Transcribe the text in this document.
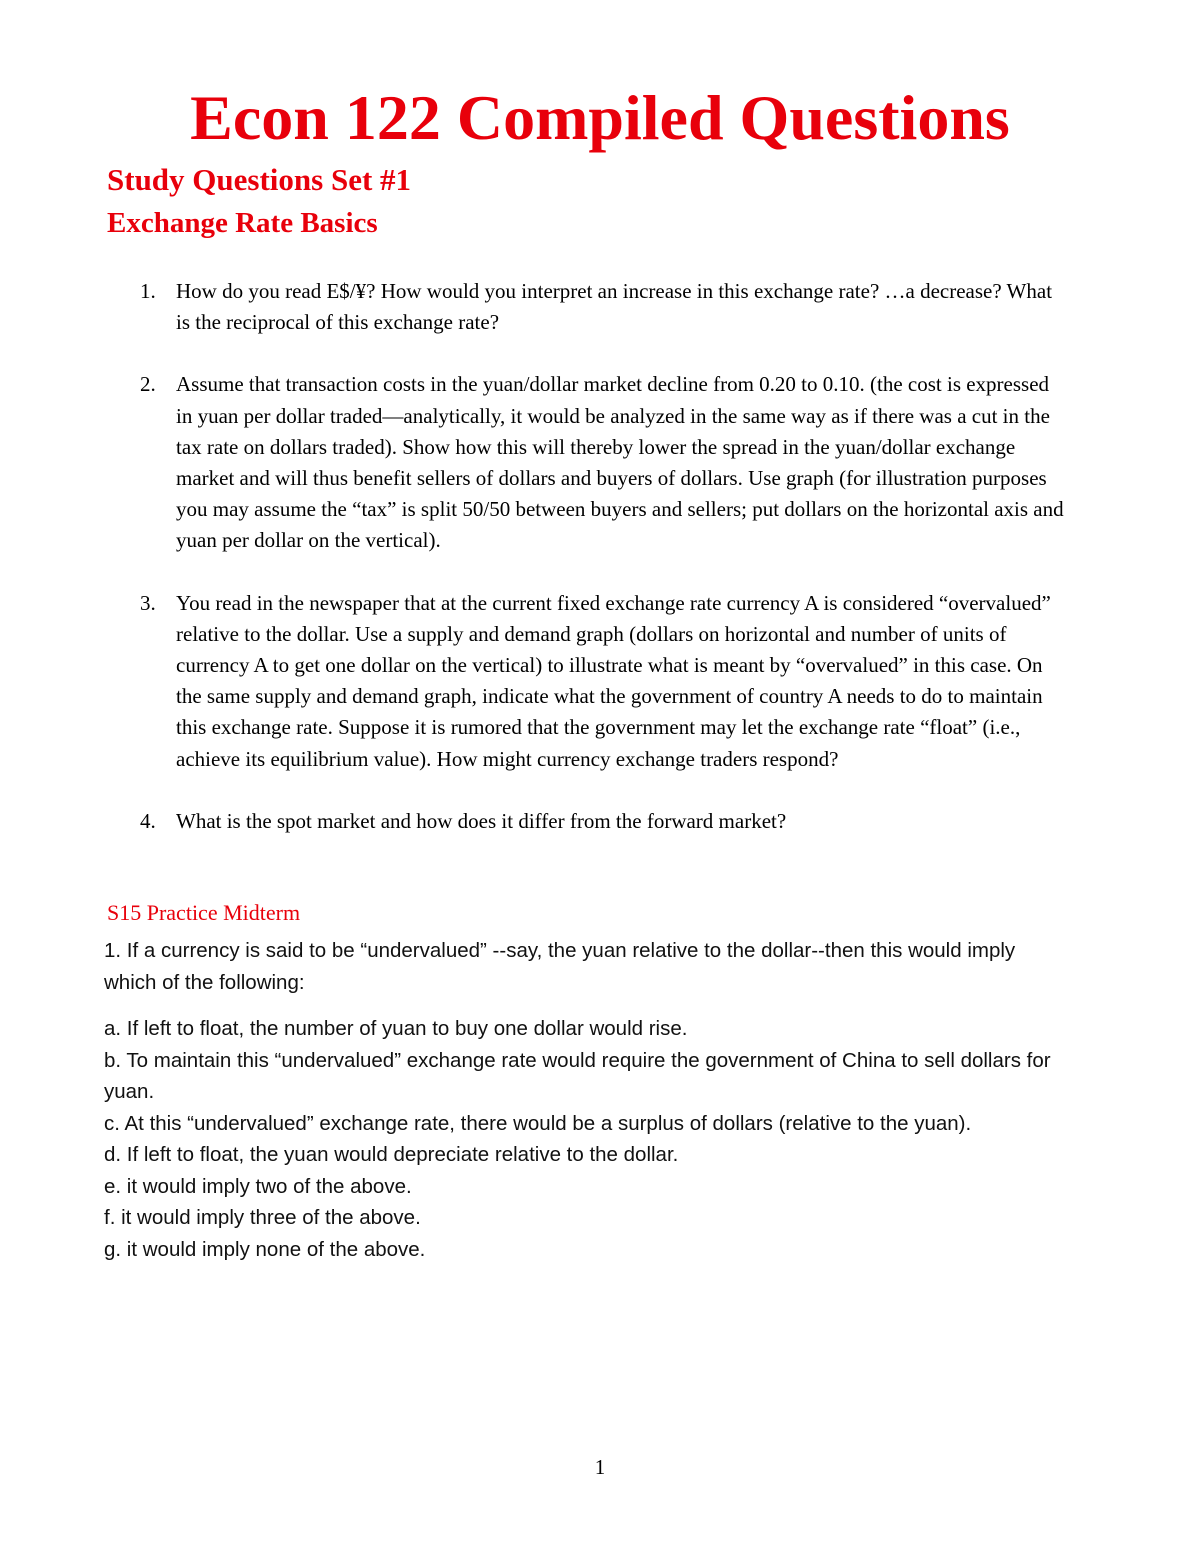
Econ 122 Compiled Questions
Study Questions Set #1
Exchange Rate Basics
1. How do you read E$/¥? How would you interpret an increase in this exchange rate? …a decrease? What is the reciprocal of this exchange rate?
2. Assume that transaction costs in the yuan/dollar market decline from 0.20 to 0.10. (the cost is expressed in yuan per dollar traded—analytically, it would be analyzed in the same way as if there was a cut in the tax rate on dollars traded). Show how this will thereby lower the spread in the yuan/dollar exchange market and will thus benefit sellers of dollars and buyers of dollars. Use graph (for illustration purposes you may assume the “tax” is split 50/50 between buyers and sellers; put dollars on the horizontal axis and yuan per dollar on the vertical).
3. You read in the newspaper that at the current fixed exchange rate currency A is considered “overvalued” relative to the dollar. Use a supply and demand graph (dollars on horizontal and number of units of currency A to get one dollar on the vertical) to illustrate what is meant by “overvalued” in this case. On the same supply and demand graph, indicate what the government of country A needs to do to maintain this exchange rate. Suppose it is rumored that the government may let the exchange rate “float” (i.e., achieve its equilibrium value). How might currency exchange traders respond?
4. What is the spot market and how does it differ from the forward market?
S15 Practice Midterm

1. If a currency is said to be “undervalued” --say, the yuan relative to the dollar--then this would imply which of the following:

a. If left to float, the number of yuan to buy one dollar would rise.

b. To maintain this “undervalued” exchange rate would require the government of China to sell dollars for yuan.

c. At this “undervalued” exchange rate, there would be a surplus of dollars (relative to the yuan).

d. If left to float, the yuan would depreciate relative to the dollar.

e. it would imply two of the above.

f. it would imply three of the above.

g. it would imply none of the above.

1
